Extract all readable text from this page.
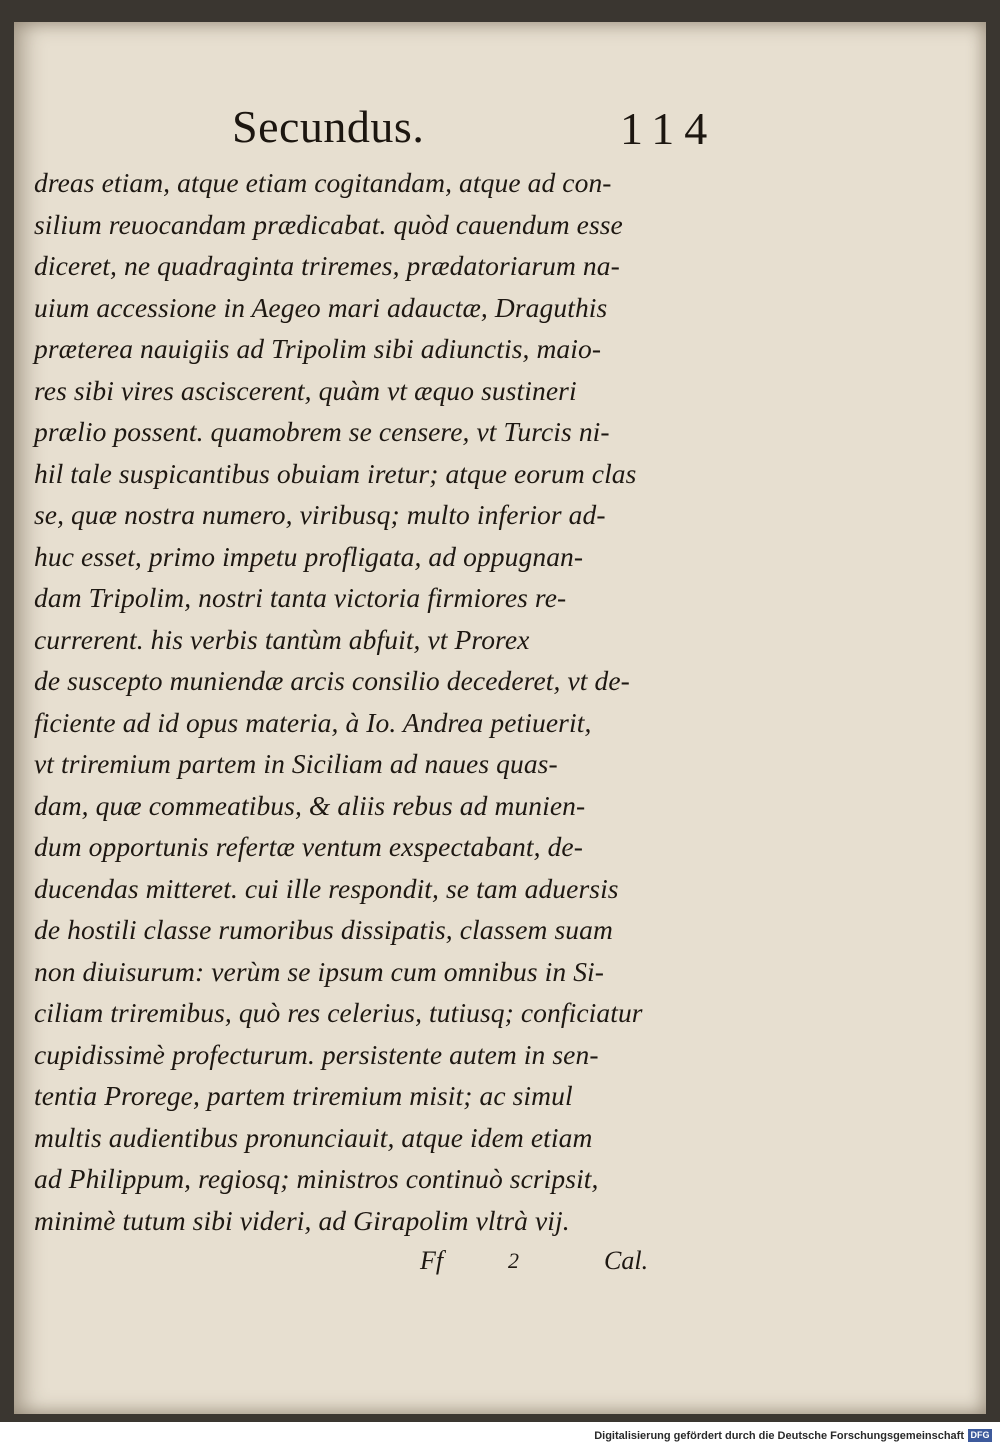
Secundus.	114
dreas etiam, atque etiam cogitandam, atque ad con-
silium reuocandam prædicabat. quòd cauendum esse
diceret, ne quadraginta triremes, prædatoriarum na-
uium accessione in Aegeo mari adauctæ, Draguthis
præterea nauigiis ad Tripolim sibi adiunctis, maio-
res sibi vires asciscerent, quàm vt æquo sustineri
prælio possent. quamobrem se censere, vt Turcis ni-
hil tale suspicantibus obuiam iretur; atque eorum clas
se, quæ nostra numero, viribusq; multo inferior ad-
huc esset, primo impetu profligata, ad oppugnan-
dam Tripolim, nostri tanta victoria firmiores re-
currerent. his verbis tantùm abfuit, vt Prorex
de suscepto muniendæ arcis consilio decederet, vt de-
ficiente ad id opus materia, à Io. Andrea petiuerit,
vt triremium partem in Siciliam ad naues quas-
dam, quæ commeatibus, & aliis rebus ad munien-
dum opportunis refertæ ventum exspectabant, de-
ducendas mitteret. cui ille respondit, se tam aduersis
de hostili classe rumoribus dissipatis, classem suam
non diuisurum: verùm se ipsum cum omnibus in Si-
ciliam triremibus, quò res celerius, tutiusq; conficiatur
cupidissimè profecturum. persistente autem in sen-
tentia Prorege, partem triremium misit; ac simul
multis audientibus pronunciauit, atque idem etiam
ad Philippum, regiosq; ministros continuò scripsit,
minimè tutum sibi videri, ad Girapolim vltrà vij.
Ff	2	Cal.
Digitalisierung gefördert durch die Deutsche Forschungsgemeinschaft DFG
